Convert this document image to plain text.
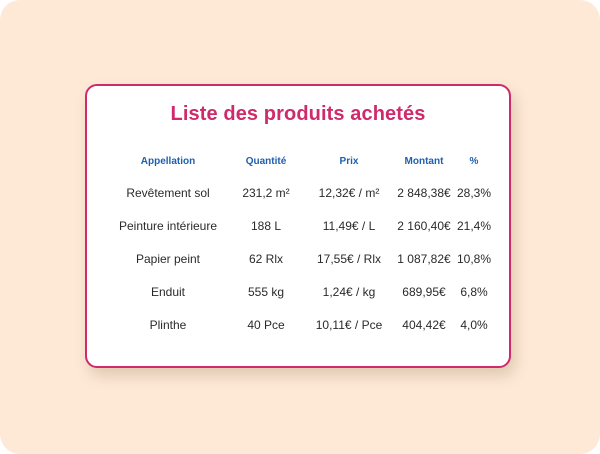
Liste des produits achetés
Appellation	Quantité	Prix	Montant	%
Revêtement sol	231,2 m²	12,32€ / m²	2 848,38€	28,3%
Peinture intérieure	188 L	11,49€ / L	2 160,40€	21,4%
Papier peint	62 Rlx	17,55€ / Rlx	1 087,82€	10,8%
Enduit	555 kg	1,24€ / kg	689,95€	6,8%
Plinthe	40 Pce	10,11€ / Pce	404,42€	4,0%
